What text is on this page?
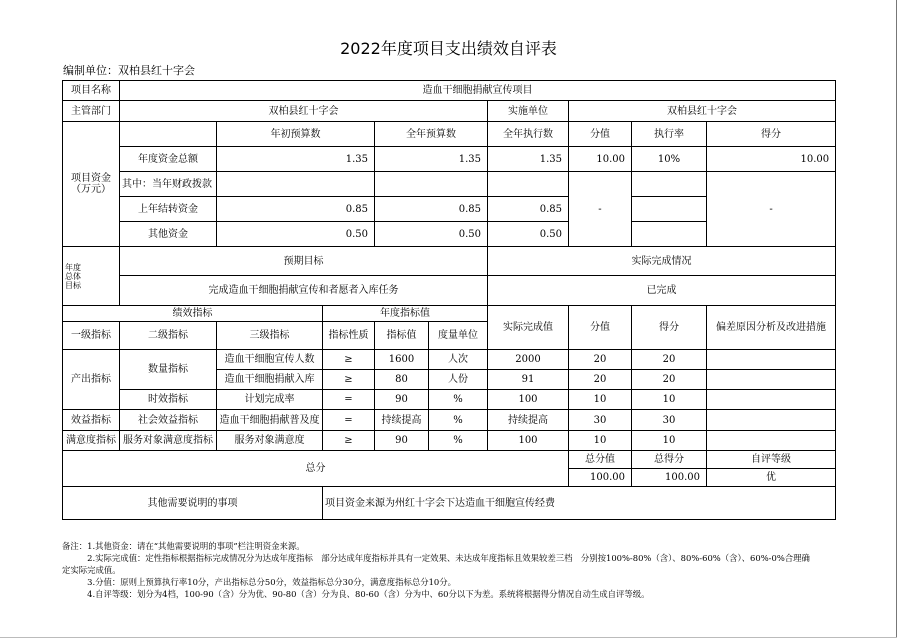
2022年度项目支出绩效自评表
编制单位：双柏县红十字会
项目名称	造血干细胞捐献宣传项目								
主管部门	双柏县红十字会					实施单位	双柏县红十字会		
项目资金（万元）		年初预算数		全年预算数		全年执行数	分值	执行率	得分
	年度资金总额	1.35		1.35		1.35	10.00	10%	10.00
	其中：当年财政拨款						-		-
	上年结转资金	0.85		0.85		0.85			
	其他资金	0.50		0.50		0.50			

年度总体目标	预期目标					实际完成情况			
	完成造血干细胞捐献宣传和者愿者入库任务					已完成			
绩效指标			年度指标值			实际完成值	分值	得分	偏差原因分析及改进措施
一级指标	二级指标	三级指标	指标性质	指标值	度量单位				
产出指标	数量指标	造血干细胞宣传人数	≥	1600	人次	2000	20	20	
		造血干细胞捐献入库	≥	80	人份	91	20	20	
	时效指标	计划完成率	=	90	%	100	10	10	
效益指标	社会效益指标	造血干细胞捐献普及度	=	持续提高	%	持续提高	30	30	
满意度指标	服务对象满意度指标	服务对象满意度	≥	90	%	100	10	10	
总分							总分值	总得分	自评等级
							100.00	100.00	优
其他需要说明的事项			项目资金来源为州红十字会下达造血干细胞宣传经费						
备注：1.其他资金：请在“其他需要说明的事项”栏注明资金来源。
　　　2.实际完成值：定性指标根据指标完成情况分为达成年度指标　部分达成年度指标并具有一定效果、未达成年度指标且效果较差三档　分别按100%-80%（含）、80%-60%（含）、60%-0%合理确
定实际完成值。
　　　3.分值：原则上预算执行率10分，产出指标总分50分，效益指标总分30分，满意度指标总分10分。
　　　4.自评等级：划分为4档，100-90（含）分为优、90-80（含）分为良、80-60（含）分为中、60分以下为差。系统将根据得分情况自动生成自评等级。
